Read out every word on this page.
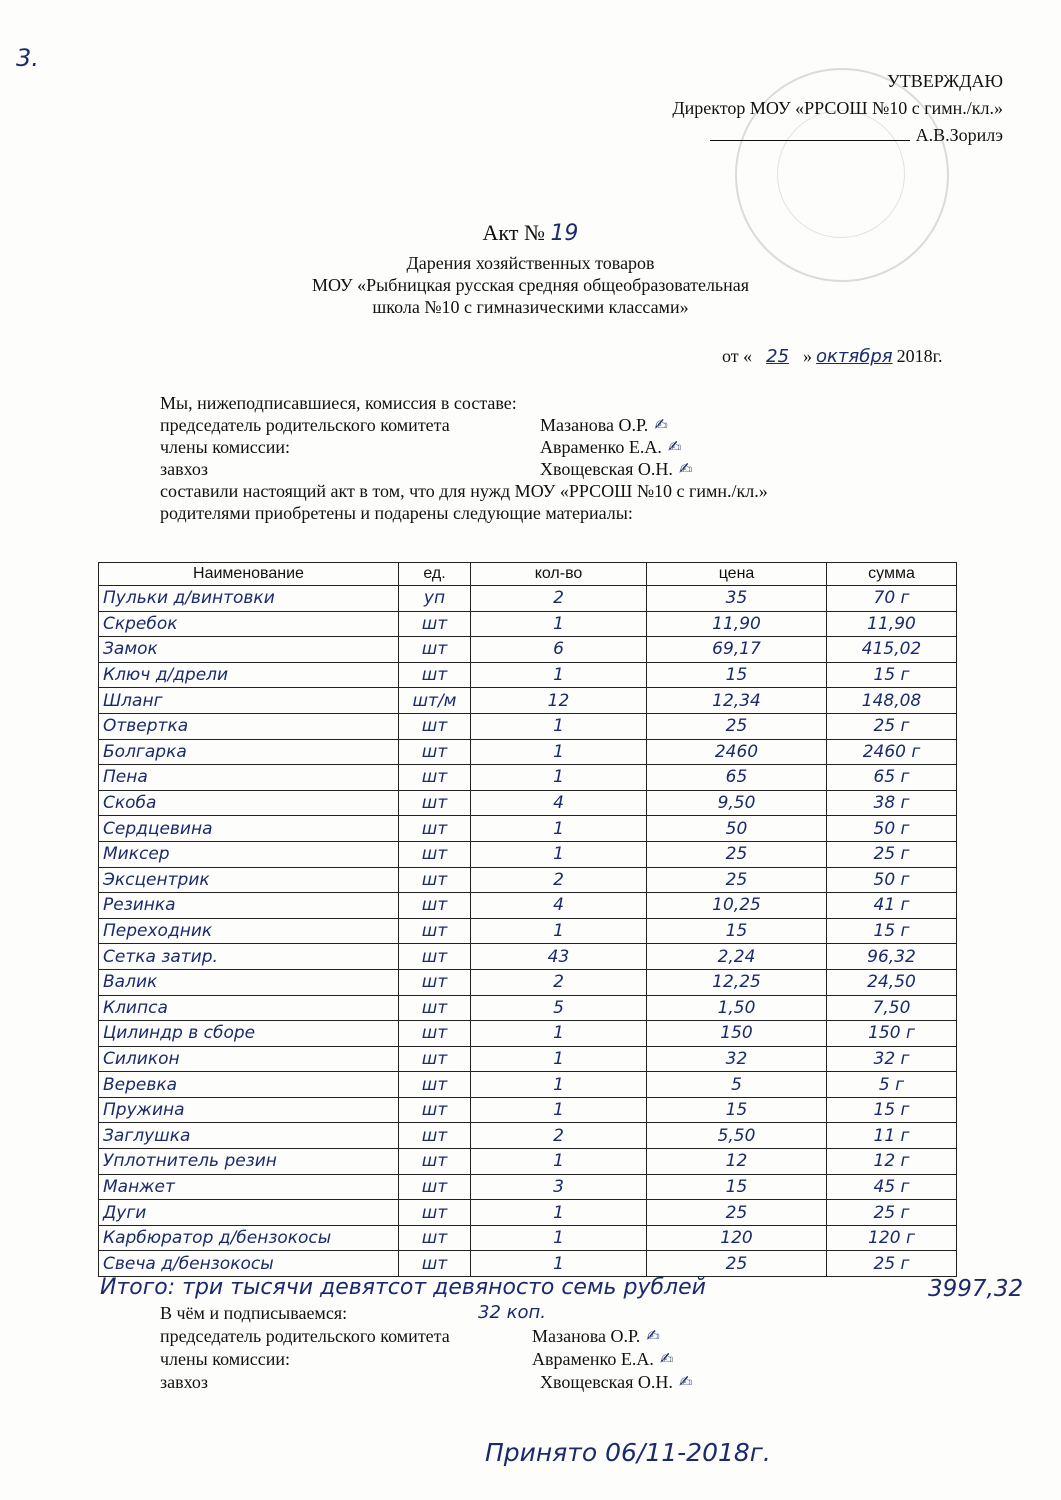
3.
УТВЕРЖДАЮ
Директор МОУ «РРСОШ №10 с гимн./кл.»
А.В.Зорилэ
Акт № 19
Дарения хозяйственных товаров
МОУ «Рыбницкая русская средняя общеобразовательная
школа №10 с гимназическими классами»
от « 25 » октября 2018г.
Мы, нижеподписавшиеся, комиссия в составе:
председатель родительского комитета	Мазанова О.Р. ✍
члены комиссии:	Авраменко Е.А. ✍
завхоз	Хвощевская О.Н. ✍
составили настоящий акт в том, что для нужд МОУ «РРСОШ №10 с гимн./кл.»
родителями приобретены и подарены следующие материалы:
Наименование	ед.	кол-во	цена	сумма
Пульки д/винтовки	уп	2	35	70 г
Скребок	шт	1	11,90	11,90
Замок	шт	6	69,17	415,02
Ключ д/дрели	шт	1	15	15 г
Шланг	шт/м	12	12,34	148,08
Отвертка	шт	1	25	25 г
Болгарка	шт	1	2460	2460 г
Пена	шт	1	65	65 г
Скоба	шт	4	9,50	38 г
Сердцевина	шт	1	50	50 г
Миксер	шт	1	25	25 г
Эксцентрик	шт	2	25	50 г
Резинка	шт	4	10,25	41 г
Переходник	шт	1	15	15 г
Сетка затир.	шт	43	2,24	96,32
Валик	шт	2	12,25	24,50
Клипса	шт	5	1,50	7,50
Цилиндр в сборе	шт	1	150	150 г
Силикон	шт	1	32	32 г
Веревка	шт	1	5	5 г
Пружина	шт	1	15	15 г
Заглушка	шт	2	5,50	11 г
Уплотнитель резин	шт	1	12	12 г
Манжет	шт	3	15	45 г
Дуги	шт	1	25	25 г
Карбюратор д/бензокосы	шт	1	120	120 г
Свеча д/бензокосы	шт	1	25	25 г
Итого: три тысячи девятсот девяносто семь рублей	3997,32
32 коп.
В чём и подписываемся:
председатель родительского комитета	Мазанова О.Р. ✍
члены комиссии:	Авраменко Е.А. ✍
завхоз	Хвощевская О.Н. ✍
Принято 06/11-2018г.
